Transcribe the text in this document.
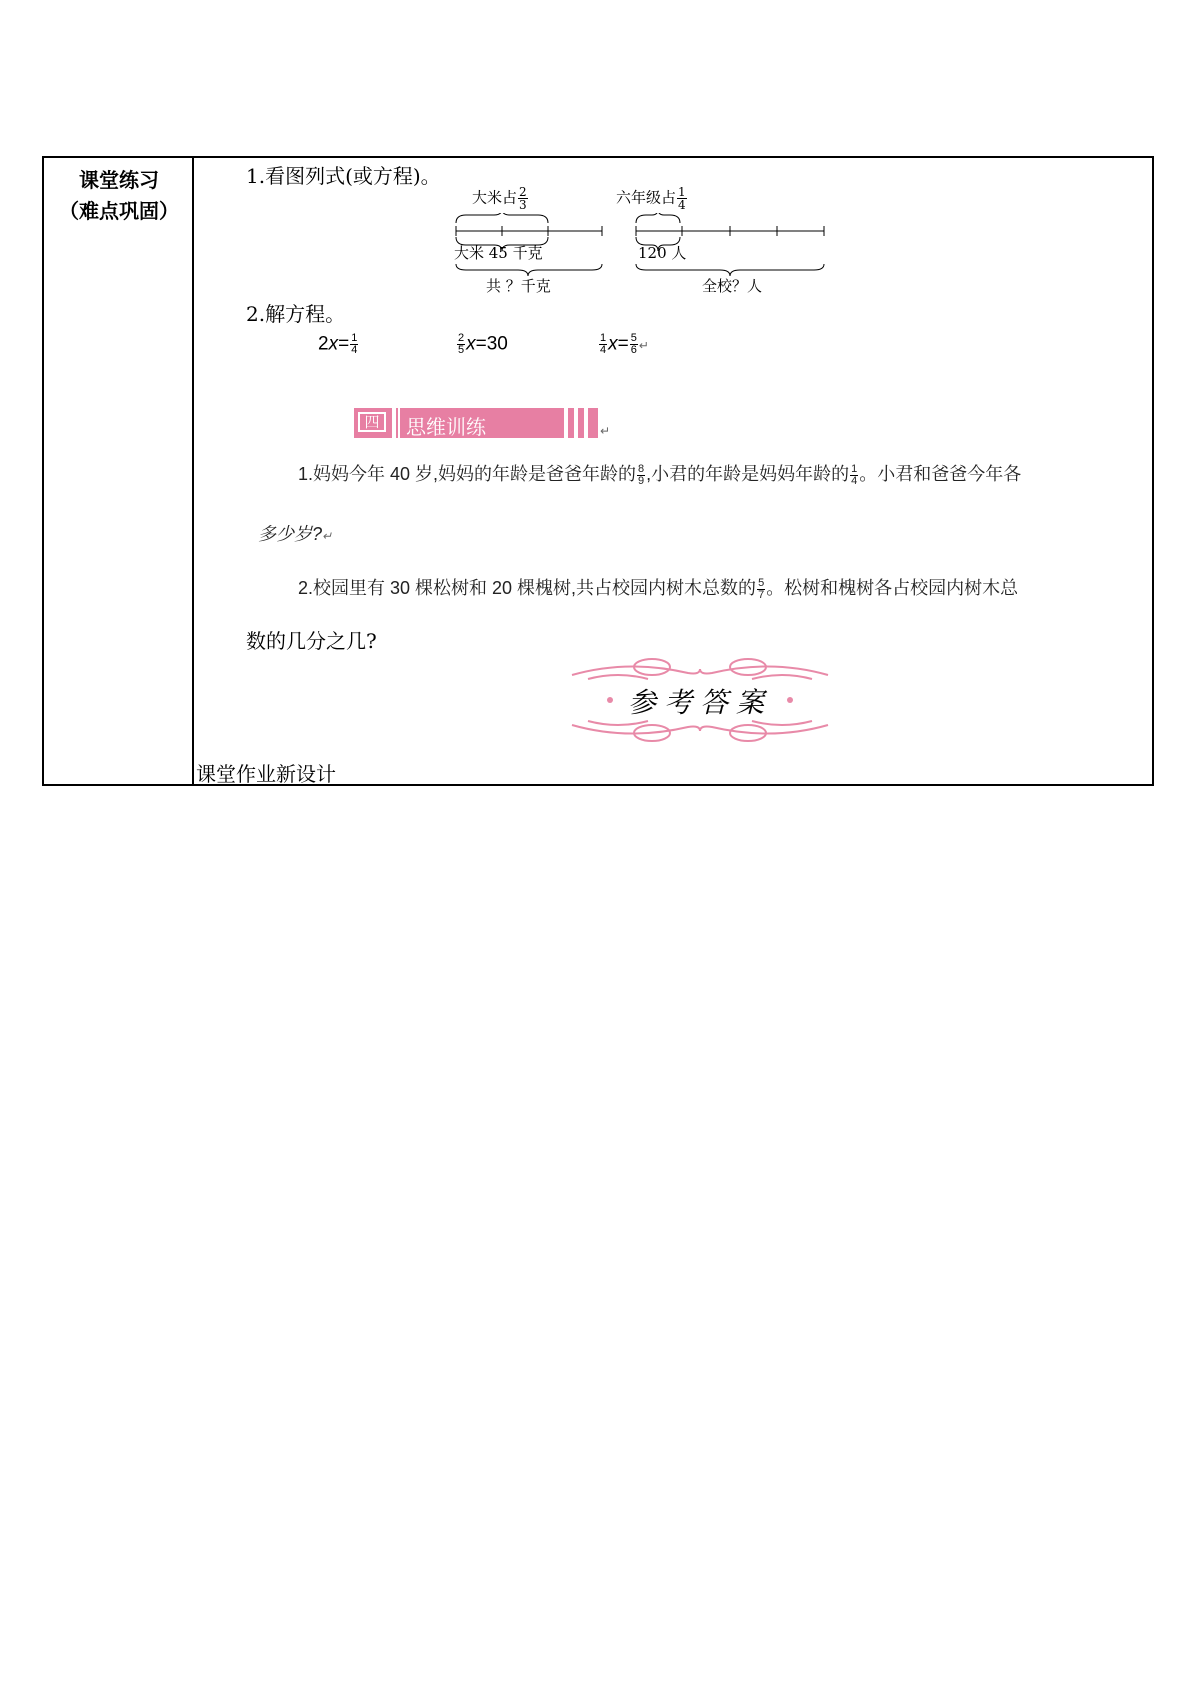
课堂练习
（难点巩固）
1.看图列式(或方程)。
大米占 $\frac{2}{3}$
大米 45 千克
共 ？千克
六年级占 $\frac{1}{4}$
120 人
全校？人
2.解方程。
$2x= \frac{1}{4}$	$\frac{2}{5} x=30$	$\frac{1}{4} x= \frac{5}{6}$ ↵
四	思维训练	↵
1.妈妈今年 40 岁,妈妈的年龄是爸爸年龄的 $\frac{8}{9}$ ,小君的年龄是妈妈年龄的 $\frac{1}{4}$ 。小君和爸爸今年各
多少岁?↵
2.校园里有 30 棵松树和 20 棵槐树,共占校园内树木总数的 $\frac{5}{7}$ 。松树和槐树各占校园内树木总
数的几分之几?
参考答案
课堂作业新设计
